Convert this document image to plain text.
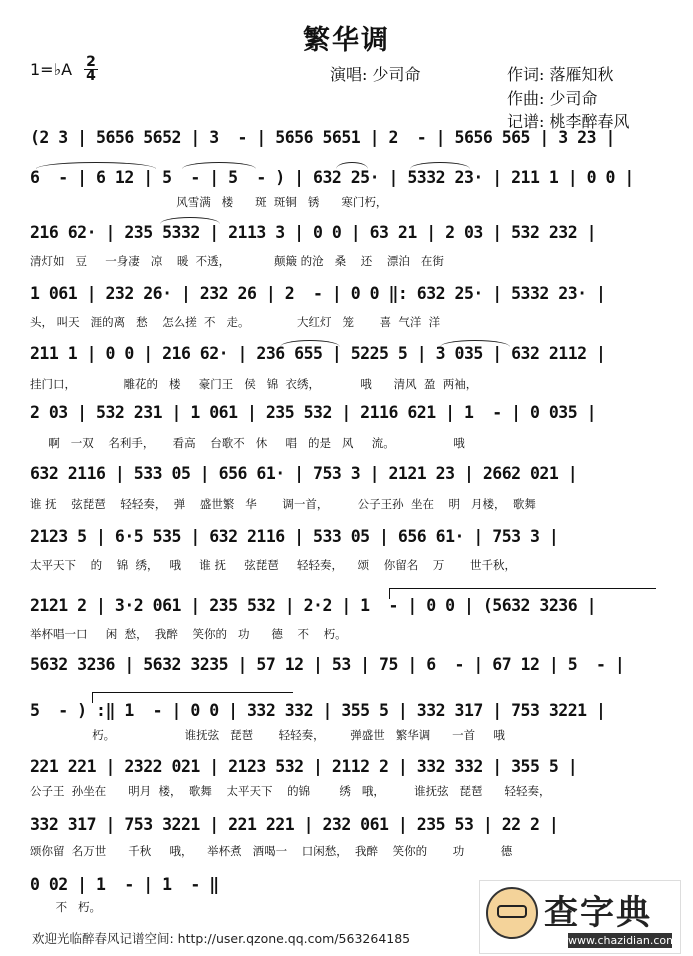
繁华调
1=♭A 2
4	演唱: 少司命	作词: 落雁知秋
作曲: 少司命
记谱: 桃李醉春风
(2 3 | 5656 5652 | 3  - | 5656 5651 | 2  - | 5656 565 | 3 23 |
6  - | 6 12 | 5  - | 5  - ) | 632 25· | 5332 23· | 211 1 | 0 0 |
风雪满   楼      斑  斑铜   锈      寒门朽，
216 62· | 235 5332 | 2113 3 | 0 0 | 63 21 | 2 03 | 532 232 |
清灯如   豆     一身凄   凉    暖  不透，            颠簸 的沧   桑    还    漂泊   在街
1 061 | 232 26· | 232 26 | 2  - | 0 0 ‖: 632 25· | 5332 23· |
头， 叫天   涯的离   愁    怎么搓  不   走。             大红灯   笼       喜  气洋  洋
211 1 | 0 0 | 216 62· | 236 655 | 5225 5 | 3 035 | 632 2112 |
挂门口，             雕花的   楼     豪门王   侯   锦  衣绣，           哦      清风  盈  两袖，
2 03 | 532 231 | 1 061 | 235 532 | 2116 621 | 1  - | 0 035 |
啊   一双    名利手，     看高    台歌不   休     唱   的是   风     流。                哦
632 2116 | 533 05 | 656 61· | 753 3 | 2121 23 | 2662 021 |
谁 抚    弦琵琶    轻轻奏，  弹    盛世繁   华       调一首，        公子王孙  坐在    明   月楼，  歌舞
2123 5 | 6·5 535 | 632 2116 | 533 05 | 656 61· | 753 3 |
太平天下    的    锦  绣，   哦     谁 抚     弦琵琶     轻轻奏，    颂    你留名    万       世千秋，
2121 2 | 3·2 061 | 235 532 | 2·2 | 1  - | 0 0 | (5632 3236 |
举杯唱一口     闲  愁，  我醉    笑你的   功      德    不    朽。
5632 3236 | 5632 3235 | 57 12 | 53 | 75 | 6  - | 67 12 | 5  - |
5  - ) :‖ 1  - | 0 0 | 332 332 | 355 5 | 332 317 | 753 3221 |
朽。                   谁抚弦   琵琶       轻轻奏，       弹盛世   繁华调      一首     哦
221 221 | 2322 021 | 2123 532 | 2112 2 | 332 332 | 355 5 |
公子王  孙坐在      明月  楼，  歌舞    太平天下    的锦        绣   哦，        谁抚弦   琵琶      轻轻奏，
332 317 | 753 3221 | 221 221 | 232 061 | 235 53 | 22 2 |
颂你留  名万世      千秋     哦，    举杯煮   酒喝一    口闲愁，  我醉    笑你的       功          德
0 02 | 1  - | 1  - ‖
不   朽。
欢迎光临醉春风记谱空间: http://user.qzone.qq.com/563264185
查字典
www.chazidian.com
